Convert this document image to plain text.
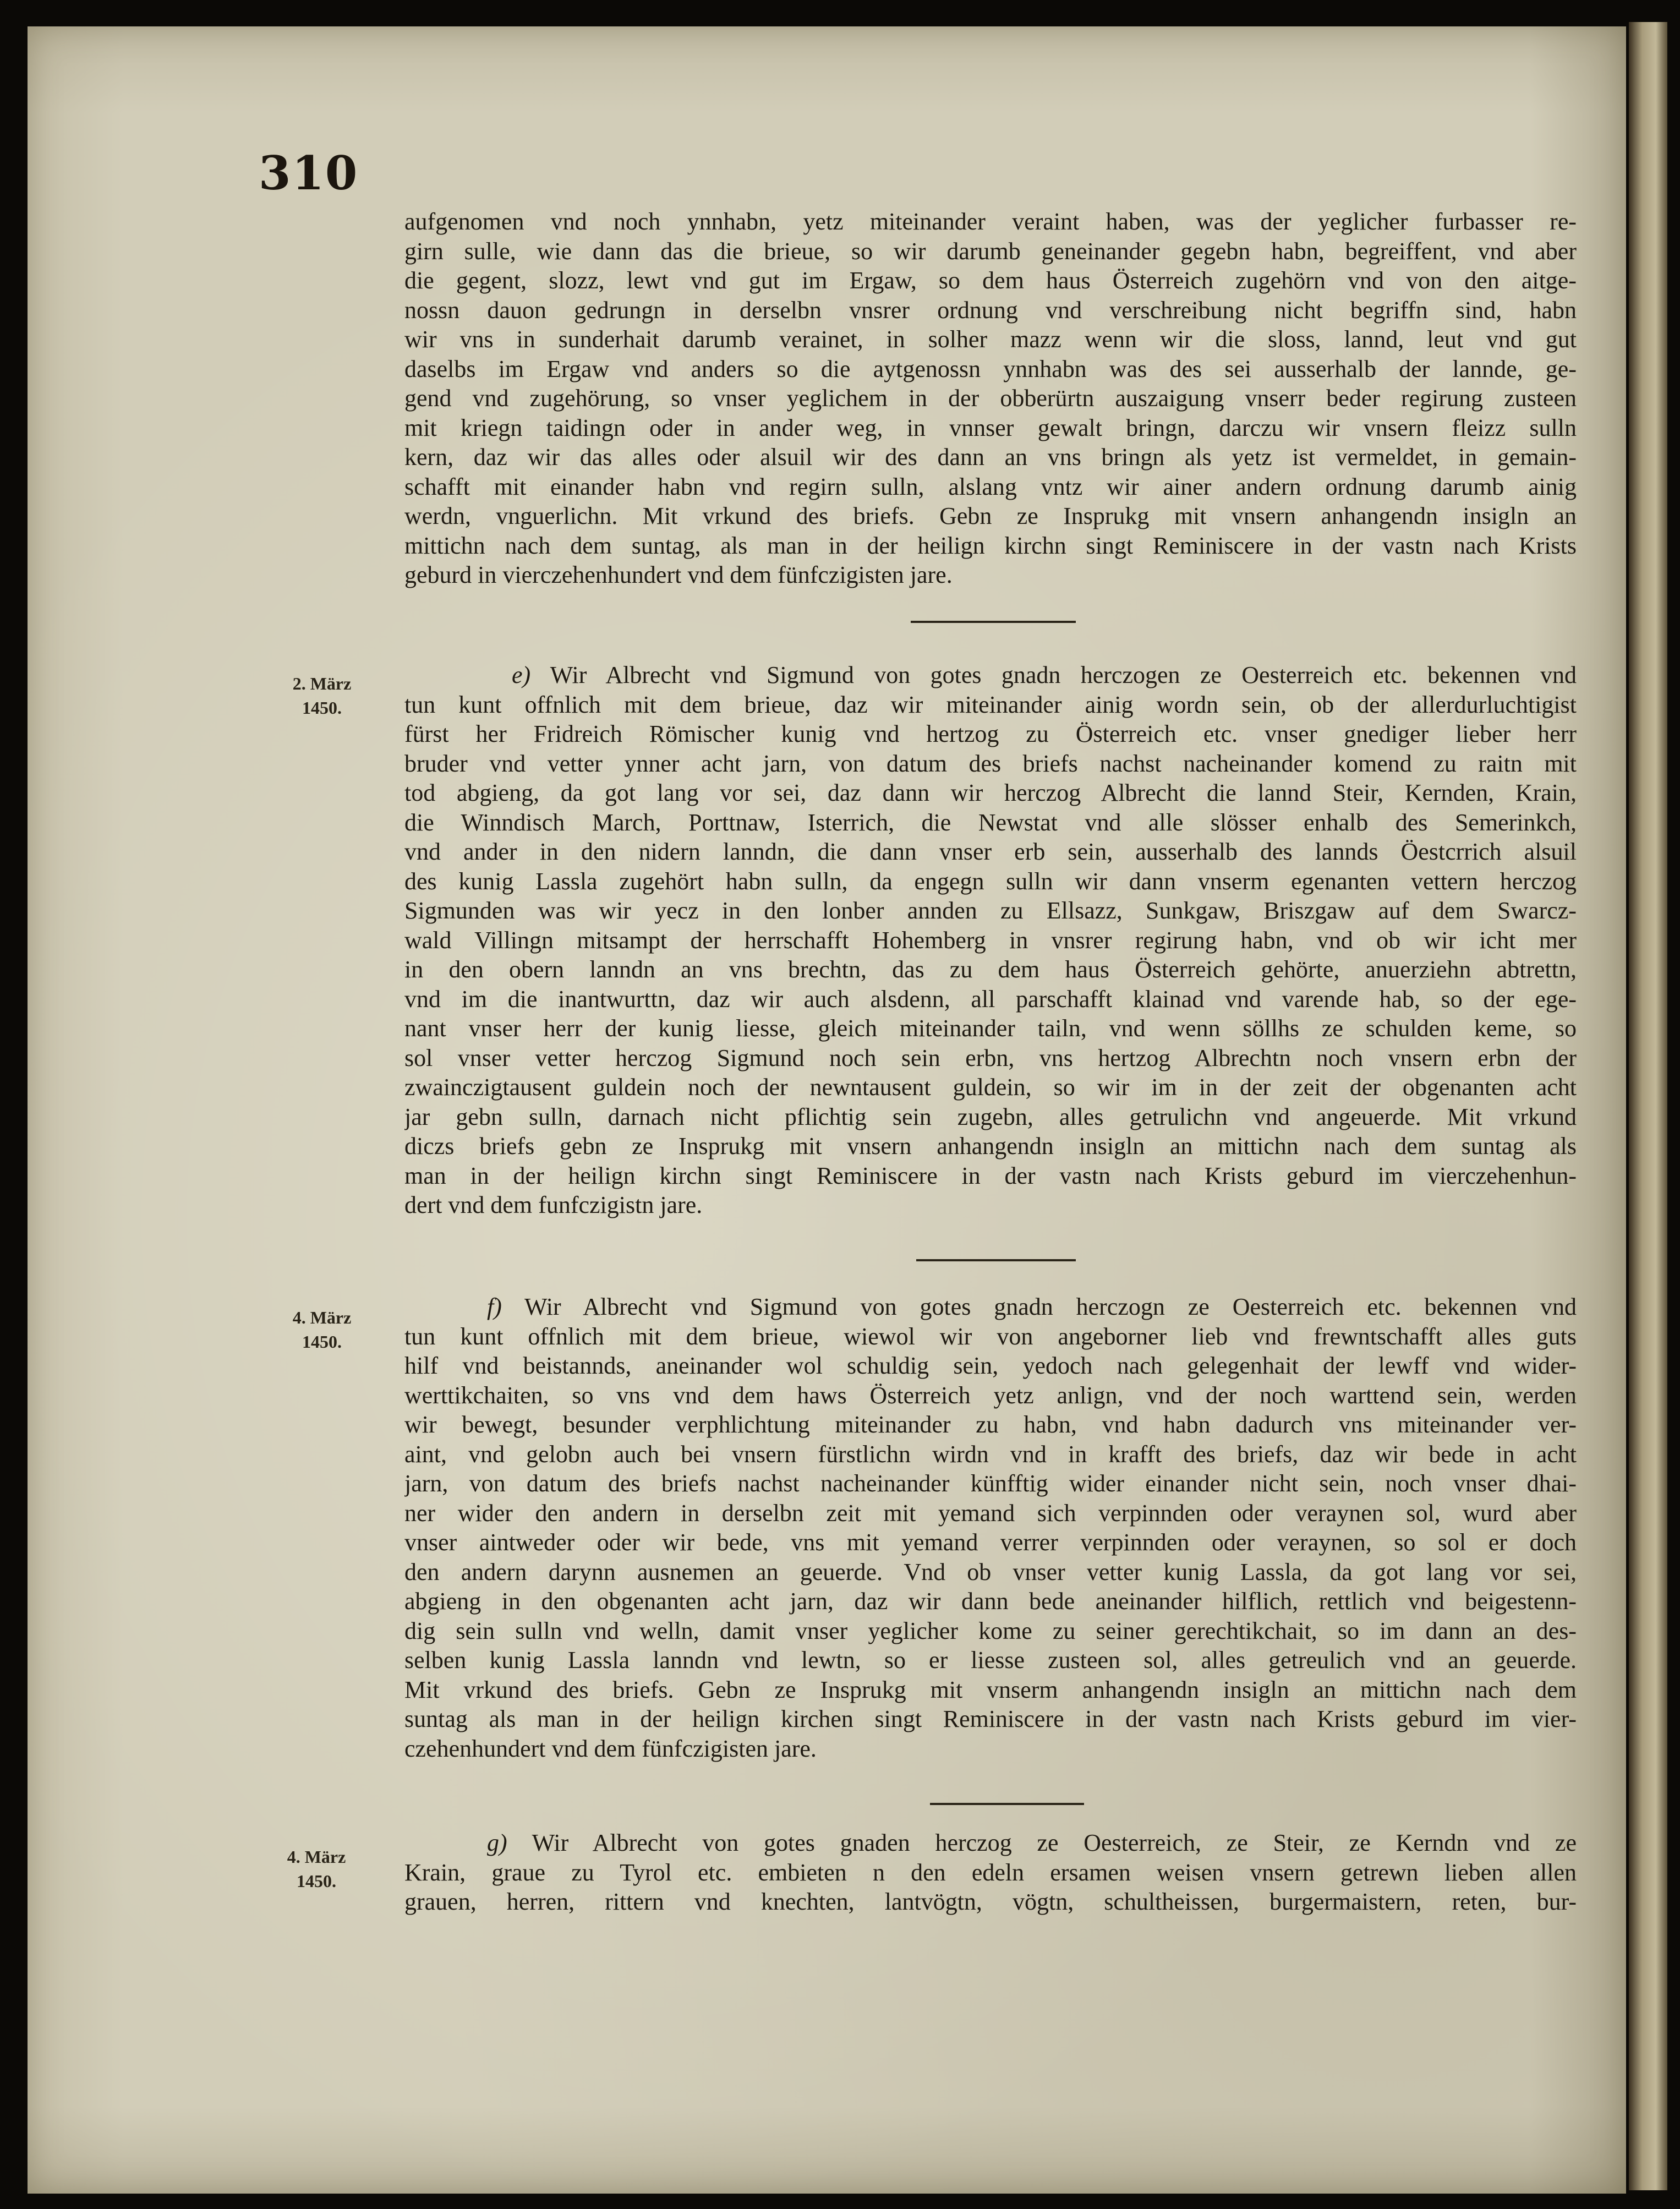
310

aufgenomen vnd noch ynnhabn, yetz miteinander veraint haben, was der yeglicher furbasser re-
girn sulle, wie dann das die brieue, so wir darumb geneinander gegebn habn, begreiffent, vnd aber
die gegent, slozz, lewt vnd gut im Ergaw, so dem haus Österreich zugehörn vnd von den aitge-
nossn dauon gedrungn in derselbn vnsrer ordnung vnd verschreibung nicht begriffn sind, habn
wir vns in sunderhait darumb verainet, in solher mazz wenn wir die sloss, lannd, leut vnd gut
daselbs im Ergaw vnd anders so die aytgenossn ynnhabn was des sei ausserhalb der lannde, ge-
gend vnd zugehörung, so vnser yeglichem in der obberürtn auszaigung vnserr beder regirung zusteen
mit kriegn taidingn oder in ander weg, in vnnser gewalt bringn, darczu wir vnsern fleizz sulln
kern, daz wir das alles oder alsuil wir des dann an vns bringn als yetz ist vermeldet, in gemain-
schafft mit einander habn vnd regirn sulln, alslang vntz wir ainer andern ordnung darumb ainig
werdn, vnguerlichn. Mit vrkund des briefs. Gebn ze Insprukg mit vnsern anhangendn insigln an
mittichn nach dem suntag, als man in der heilign kirchn singt Reminiscere in der vastn nach Krists
geburd in vierczehenhundert vnd dem fünfczigisten jare.

2. März
1450.

e) Wir Albrecht vnd Sigmund von gotes gnadn herczogen ze Oesterreich etc. bekennen vnd
tun kunt offnlich mit dem brieue, daz wir miteinander ainig wordn sein, ob der allerdurluchtigist
fürst her Fridreich Römischer kunig vnd hertzog zu Österreich etc. vnser gnediger lieber herr
bruder vnd vetter ynner acht jarn, von datum des briefs nachst nacheinander komend zu raitn mit
tod abgieng, da got lang vor sei, daz dann wir herczog Albrecht die lannd Steir, Kernden, Krain,
die Winndisch March, Porttnaw, Isterrich, die Newstat vnd alle slösser enhalb des Semerinkch,
vnd ander in den nidern lanndn, die dann vnser erb sein, ausserhalb des lannds Öestcrrich alsuil
des kunig Lassla zugehört habn sulln, da engegn sulln wir dann vnserm egenanten vettern herczog
Sigmunden was wir yecz in den lonber annden zu Ellsazz, Sunkgaw, Briszgaw auf dem Swarcz-
wald Villingn mitsampt der herrschafft Hohemberg in vnsrer regirung habn, vnd ob wir icht mer
in den obern lanndn an vns brechtn, das zu dem haus Österreich gehörte, anuerziehn abtrettn,
vnd im die inantwurttn, daz wir auch alsdenn, all parschafft klainad vnd varende hab, so der ege-
nant vnser herr der kunig liesse, gleich miteinander tailn, vnd wenn söllhs ze schulden keme, so
sol vnser vetter herczog Sigmund noch sein erbn, vns hertzog Albrechtn noch vnsern erbn der
zwainczigtausent guldein noch der newntausent guldein, so wir im in der zeit der obgenanten acht
jar gebn sulln, darnach nicht pflichtig sein zugebn, alles getrulichn vnd angeuerde. Mit vrkund
diczs briefs gebn ze Insprukg mit vnsern anhangendn insigln an mittichn nach dem suntag als
man in der heilign kirchn singt Reminiscere in der vastn nach Krists geburd im vierczehenhun-
dert vnd dem funfczigistn jare.

4. März
1450.

f) Wir Albrecht vnd Sigmund von gotes gnadn herczogn ze Oesterreich etc. bekennen vnd
tun kunt offnlich mit dem brieue, wiewol wir von angeborner lieb vnd frewntschafft alles guts
hilf vnd beistannds, aneinander wol schuldig sein, yedoch nach gelegenhait der lewff vnd wider-
werttikchaiten, so vns vnd dem haws Österreich yetz anlign, vnd der noch warttend sein, werden
wir bewegt, besunder verphlichtung miteinander zu habn, vnd habn dadurch vns miteinander ver-
aint, vnd gelobn auch bei vnsern fürstlichn wirdn vnd in krafft des briefs, daz wir bede in acht
jarn, von datum des briefs nachst nacheinander künfftig wider einander nicht sein, noch vnser dhai-
ner wider den andern in derselbn zeit mit yemand sich verpinnden oder veraynen sol, wurd aber
vnser aintweder oder wir bede, vns mit yemand verrer verpinnden oder veraynen, so sol er doch
den andern darynn ausnemen an geuerde. Vnd ob vnser vetter kunig Lassla, da got lang vor sei,
abgieng in den obgenanten acht jarn, daz wir dann bede aneinander hilflich, rettlich vnd beigestenn-
dig sein sulln vnd welln, damit vnser yeglicher kome zu seiner gerechtikchait, so im dann an des-
selben kunig Lassla lanndn vnd lewtn, so er liesse zusteen sol, alles getreulich vnd an geuerde.
Mit vrkund des briefs. Gebn ze Insprukg mit vnserm anhangendn insigln an mittichn nach dem
suntag als man in der heilign kirchen singt Reminiscere in der vastn nach Krists geburd im vier-
czehenhundert vnd dem fünfczigisten jare.

4. März
1450.

g) Wir Albrecht von gotes gnaden herczog ze Oesterreich, ze Steir, ze Kerndn vnd ze
Krain, graue zu Tyrol etc. embieten n den edeln ersamen weisen vnsern getrewn lieben allen
grauen, herren, rittern vnd knechten, lantvögtn, vögtn, schultheissen, burgermaistern, reten, bur-
